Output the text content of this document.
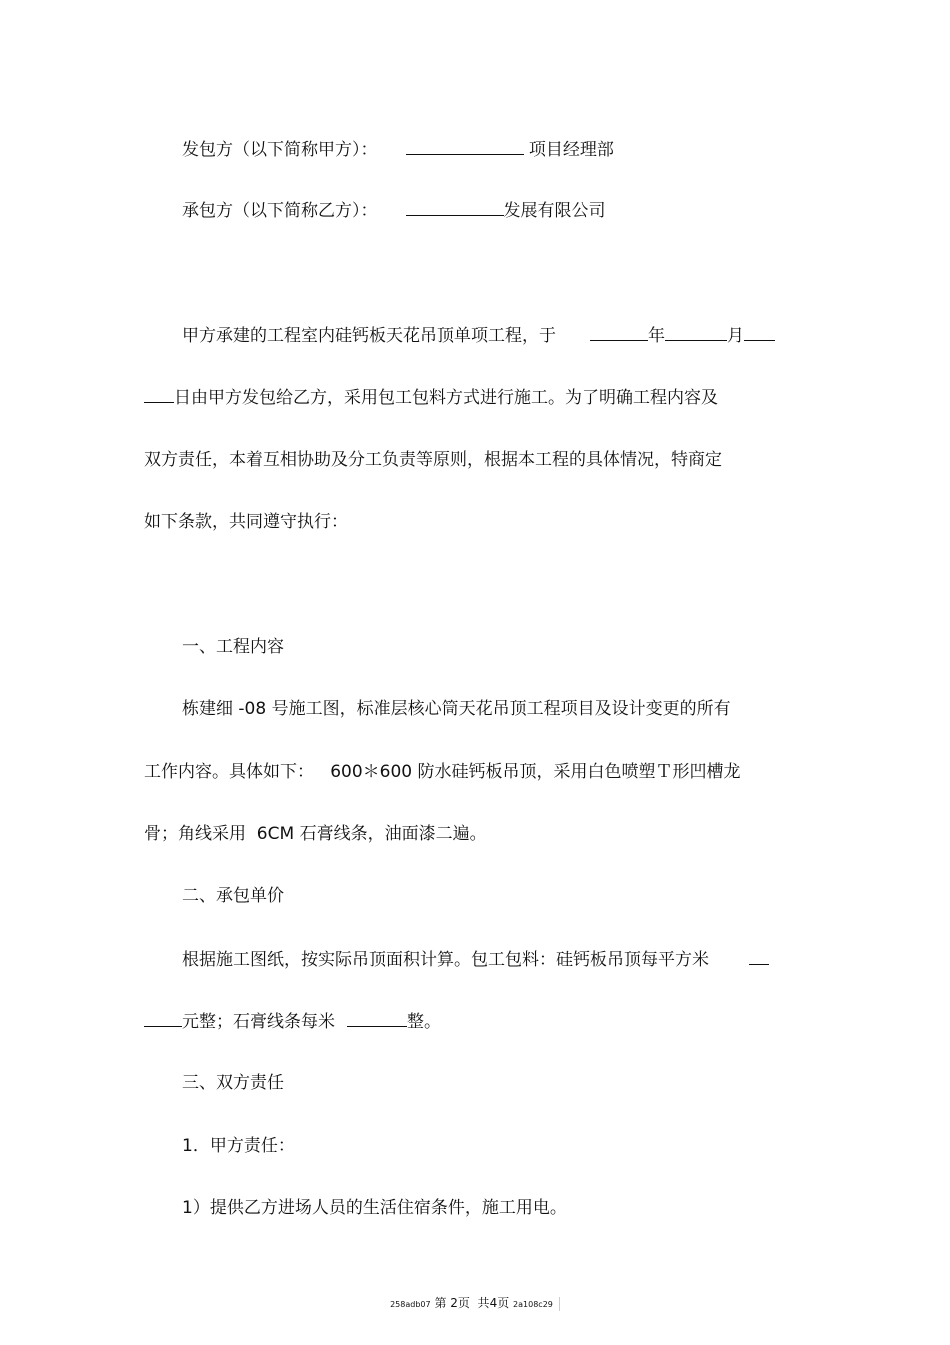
发包方（以下简称甲方）：	项目经理部
承包方（以下简称乙方）：	发展有限公司
甲方承建的工程室内硅钙板天花吊顶单项工程，于	年	月
日由甲方发包给乙方，采用包工包料方式进行施工。为了明确工程内容及
双方责任，本着互相协助及分工负责等原则，根据本工程的具体情况，特商定
如下条款，共同遵守执行：
一、工程内容
栋建细 -08 号施工图，标准层核心筒天花吊顶工程项目及设计变更的所有
工作内容。具体如下：   600＊600 防水硅钙板吊顶，采用白色喷塑Ｔ形凹槽龙
骨；角线采用  6CM 石膏线条，油面漆二遍。
二、承包单价
根据施工图纸，按实际吊顶面积计算。包工包料：硅钙板吊顶每平方米
元整；石膏线条每米	整。
三、双方责任
1．甲方责任：
1）提供乙方进场人员的生活住宿条件，施工用电。
258adb07 第 2页  共4页 2a108c29
